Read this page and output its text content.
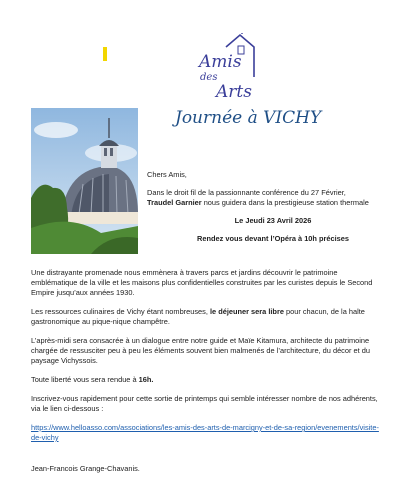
Amis
des
Arts
Journée à VICHY

Chers Amis,

Dans le droit fil de la passionnante conférence du 27 Février,

Traudel Garnier nous guidera dans la prestigieuse station thermale

Le Jeudi 23 Avril 2026

Rendez vous devant l’Opéra à 10h précises

Une distrayante promenade nous emmènera à travers parcs et jardins découvrir le patrimoine emblématique de la ville et les maisons plus confidentielles construites par les curistes depuis le Second Empire jusqu’aux années 1930.

Les ressources culinaires de Vichy étant nombreuses, le déjeuner sera libre pour chacun, de la halte gastronomique au pique-nique champêtre.

L’après-midi sera consacrée à un dialogue entre notre guide et Maïe Kitamura, architecte du patrimoine chargée de ressusciter peu à peu les éléments souvent bien malmenés de l’architecture, du décor et du paysage Vichyssois.

Toute liberté vous sera rendue à 16h.

Inscrivez-vous rapidement pour cette sortie de printemps qui semble intéresser nombre de nos adhérents, via le lien ci-dessous :

https://www.helloasso.com/associations/les-amis-des-arts-de-marcigny-et-de-sa-region/evenements/visite-de-vichy

Jean-Francois Grange-Chavanis.
